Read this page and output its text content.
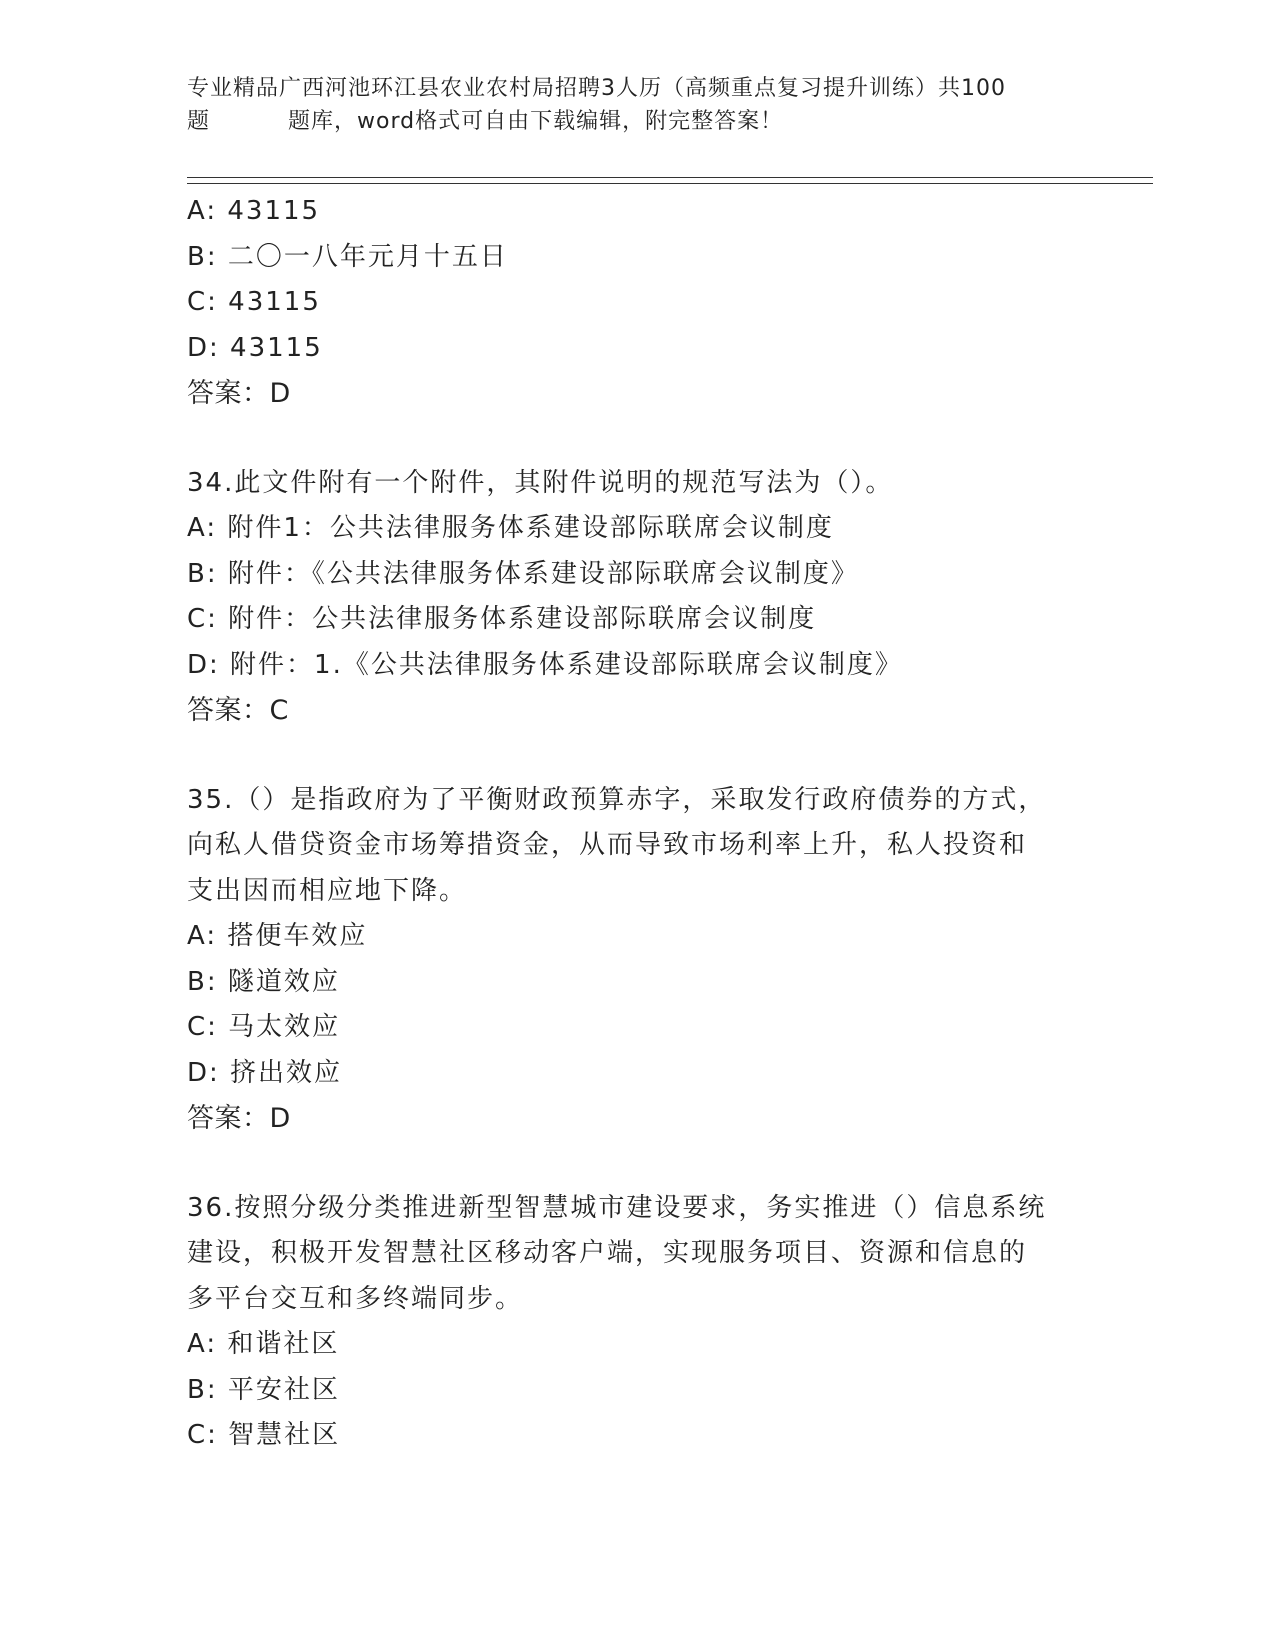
专业精品广西河池环江县农业农村局招聘3人历（高频重点复习提升训练）共100

题	题库，word格式可自由下载编辑，附完整答案！
A: 43115
B: 二〇一八年元月十五日
C: 43115
D: 43115
答案：D
34.此文件附有一个附件，其附件说明的规范写法为（）。
A: 附件1：公共法律服务体系建设部际联席会议制度
B: 附件：《公共法律服务体系建设部际联席会议制度》
C: 附件：公共法律服务体系建设部际联席会议制度
D: 附件：1.《公共法律服务体系建设部际联席会议制度》
答案：C
35.（）是指政府为了平衡财政预算赤字，采取发行政府债券的方式，
向私人借贷资金市场筹措资金，从而导致市场利率上升，私人投资和
支出因而相应地下降。
A: 搭便车效应
B: 隧道效应
C: 马太效应
D: 挤出效应
答案：D
36.按照分级分类推进新型智慧城市建设要求，务实推进（）信息系统
建设，积极开发智慧社区移动客户端，实现服务项目、资源和信息的
多平台交互和多终端同步。
A: 和谐社区
B: 平安社区
C: 智慧社区
